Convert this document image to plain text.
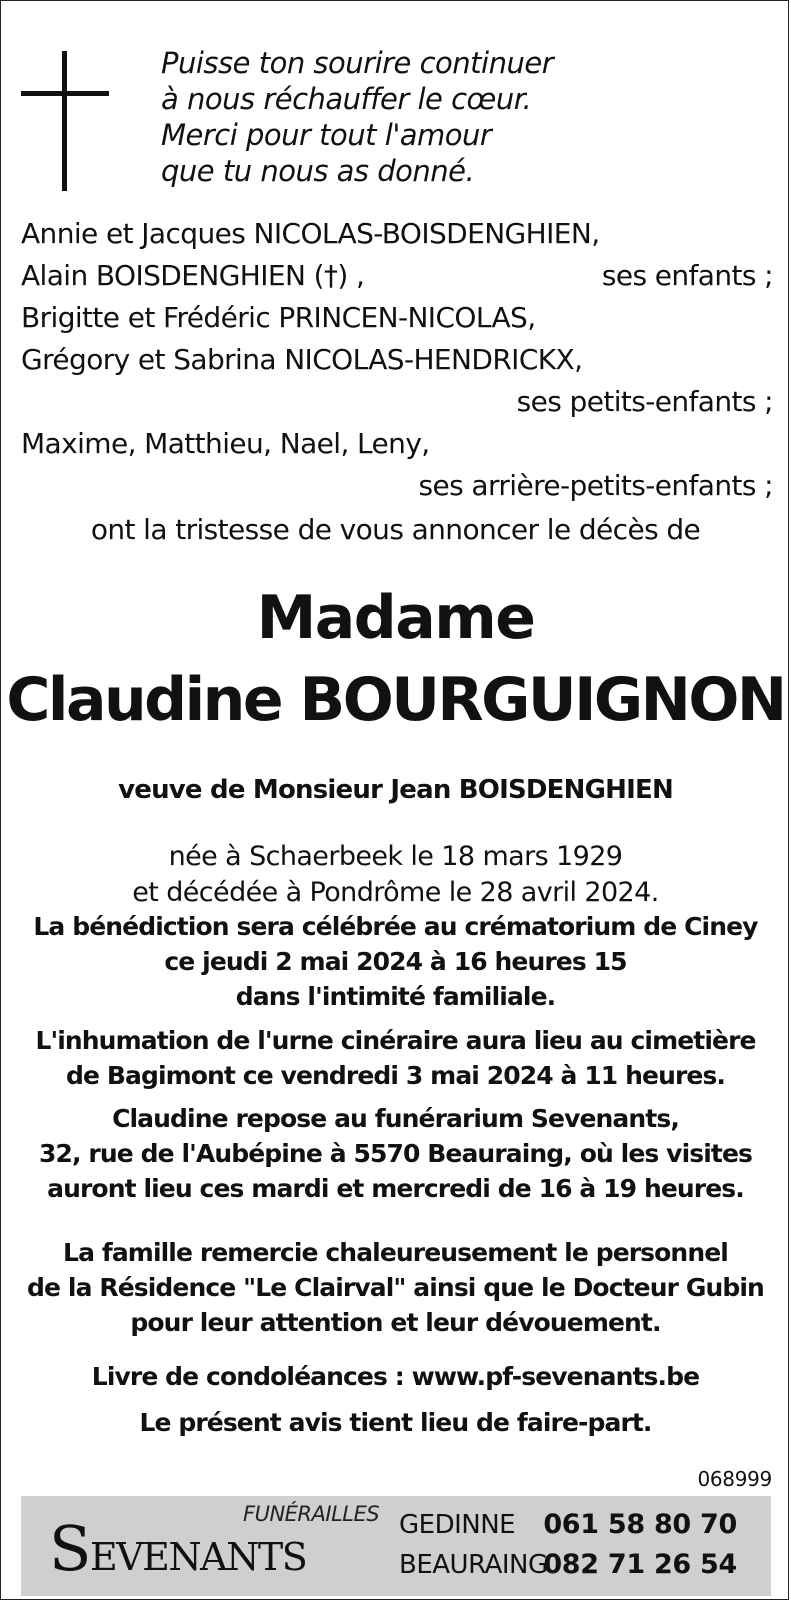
Puisse ton sourire continuer
à nous réchauffer le cœur.
Merci pour tout l'amour
que tu nous as donné.
Annie et Jacques NICOLAS-BOISDENGHIEN,
Alain BOISDENGHIEN (†) ,	ses enfants ;
Brigitte et Frédéric PRINCEN-NICOLAS,
Grégory et Sabrina NICOLAS-HENDRICKX,
ses petits-enfants ;
Maxime, Matthieu, Nael, Leny,
ses arrière-petits-enfants ;
ont la tristesse de vous annoncer le décès de
Madame
Claudine BOURGUIGNON
veuve de Monsieur Jean BOISDENGHIEN
née à Schaerbeek le 18 mars 1929
et décédée à Pondrôme le 28 avril 2024.
La bénédiction sera célébrée au crématorium de Ciney
ce jeudi 2 mai 2024 à 16 heures 15
dans l'intimité familiale.
L'inhumation de l'urne cinéraire aura lieu au cimetière
de Bagimont ce vendredi 3 mai 2024 à 11 heures.
Claudine repose au funérarium Sevenants,
32, rue de l'Aubépine à 5570 Beauraing, où les visites
auront lieu ces mardi et mercredi de 16 à 19 heures.
La famille remercie chaleureusement le personnel
de la Résidence "Le Clairval" ainsi que le Docteur Gubin
pour leur attention et leur dévouement.
Livre de condoléances : www.pf-sevenants.be
Le présent avis tient lieu de faire-part.
068999
FUNÉRAILLES
SEVENANTS
GEDINNE 061 58 80 70
BEAURAING
082 71 26 54
